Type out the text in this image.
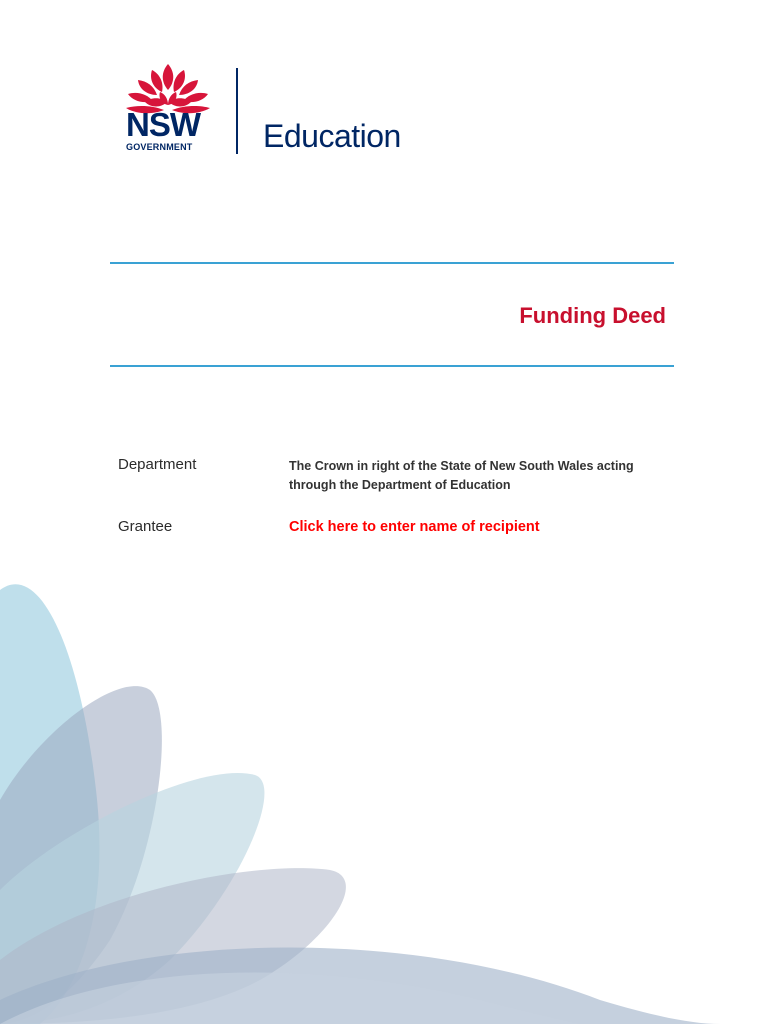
NSW
GOVERNMENT Education
Funding Deed
Department	The Crown in right of the State of New South Wales acting through the Department of Education
Grantee	Click here to enter name of recipient
